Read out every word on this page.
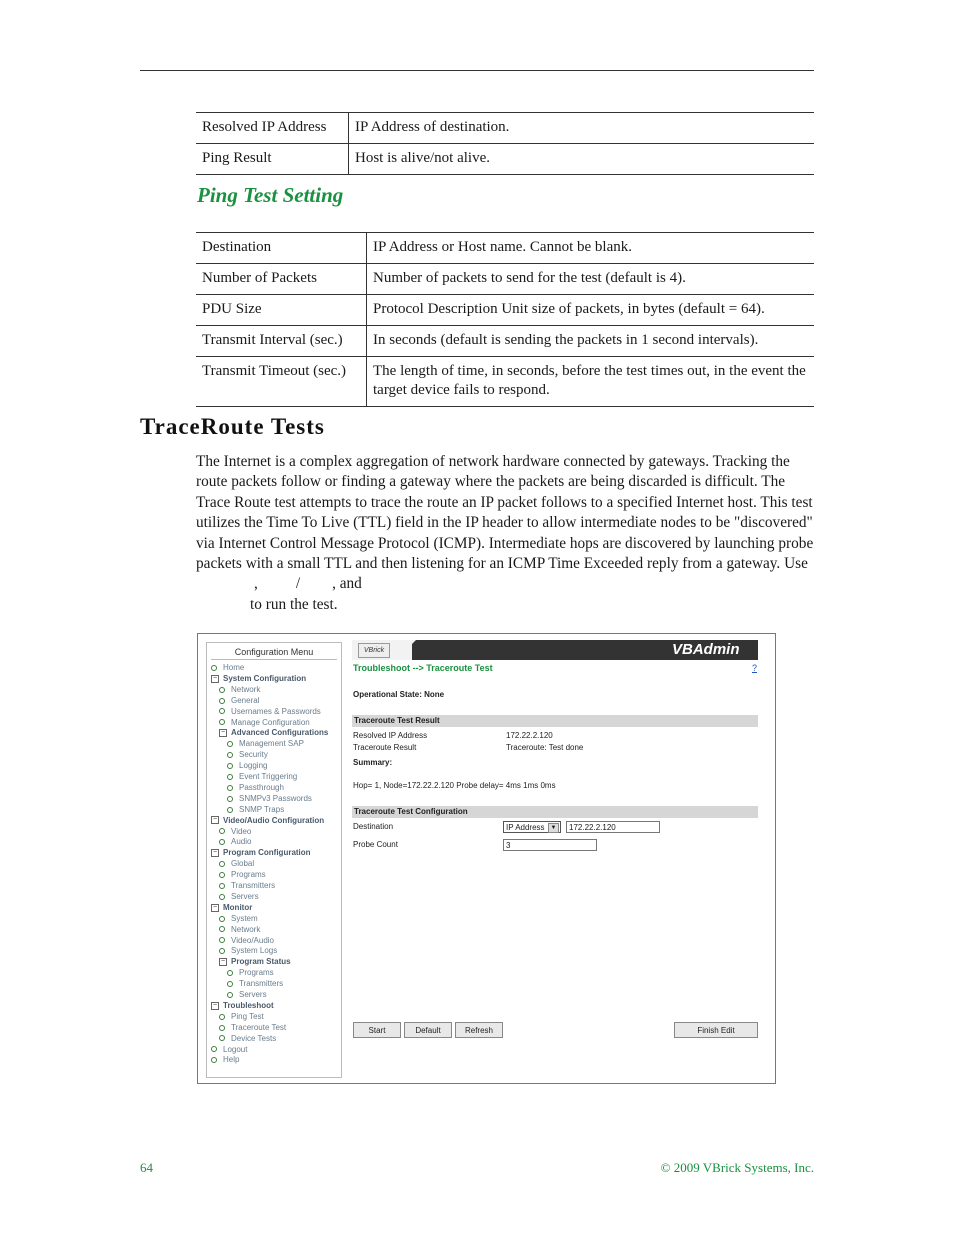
Resolved IP Address	IP Address of destination.
Ping Result	Host is alive/not alive.
Ping Test Setting
Destination	IP Address or Host name. Cannot be blank.
Number of Packets	Number of packets to send for the test (default is 4).
PDU Size	Protocol Description Unit size of packets, in bytes (default = 64).
Transmit Interval (sec.)	In seconds (default is sending the packets in 1 second intervals).
Transmit Timeout (sec.)	The length of time, in seconds, before the test times out, in the event the target device fails to respond.
TraceRoute Tests
The Internet is a complex aggregation of network hardware connected by gateways. Tracking the route packets follow or finding a gateway where the packets are being discarded is difficult. The Trace Route test attempts to trace the route an IP packet follows to a specified Internet host. This test utilizes the Time To Live (TTL) field in the IP header to allow intermediate nodes to be "discovered" via Internet Control Message Protocol (ICMP). Intermediate hops are discovered by launching probe packets with a small TTL and then listening for an ICMP Time Exceeded reply from a gateway. Use, / , and
to run the test.
Configuration Menu
Home
− System Configuration
Network
General
Usernames & Passwords
Manage Configuration
− Advanced Configurations
Management SAP
Security
Logging
Event Triggering
Passthrough
SNMPv3 Passwords
SNMP Traps
− Video/Audio Configuration
Video
Audio
− Program Configuration
Global
Programs
Transmitters
Servers
− Monitor
System
Network
Video/Audio
System Logs
− Program Status
Programs
Transmitters
Servers
− Troubleshoot
Ping Test
Traceroute Test
Device Tests
Logout
Help
VBrick	VBAdmin
Troubleshoot --> Traceroute Test	?
Operational State: None
Traceroute Test Result
Resolved IP Address	172.22.2.120
Traceroute Result	Traceroute: Test done
Summary:
Hop= 1, Node=172.22.2.120 Probe delay= 4ms 1ms 0ms
Traceroute Test Configuration
Destination	IP Address ▼	172.22.2.120
Probe Count	3
Start	Default	Refresh	Finish Edit
64	© 2009 VBrick Systems, Inc.
